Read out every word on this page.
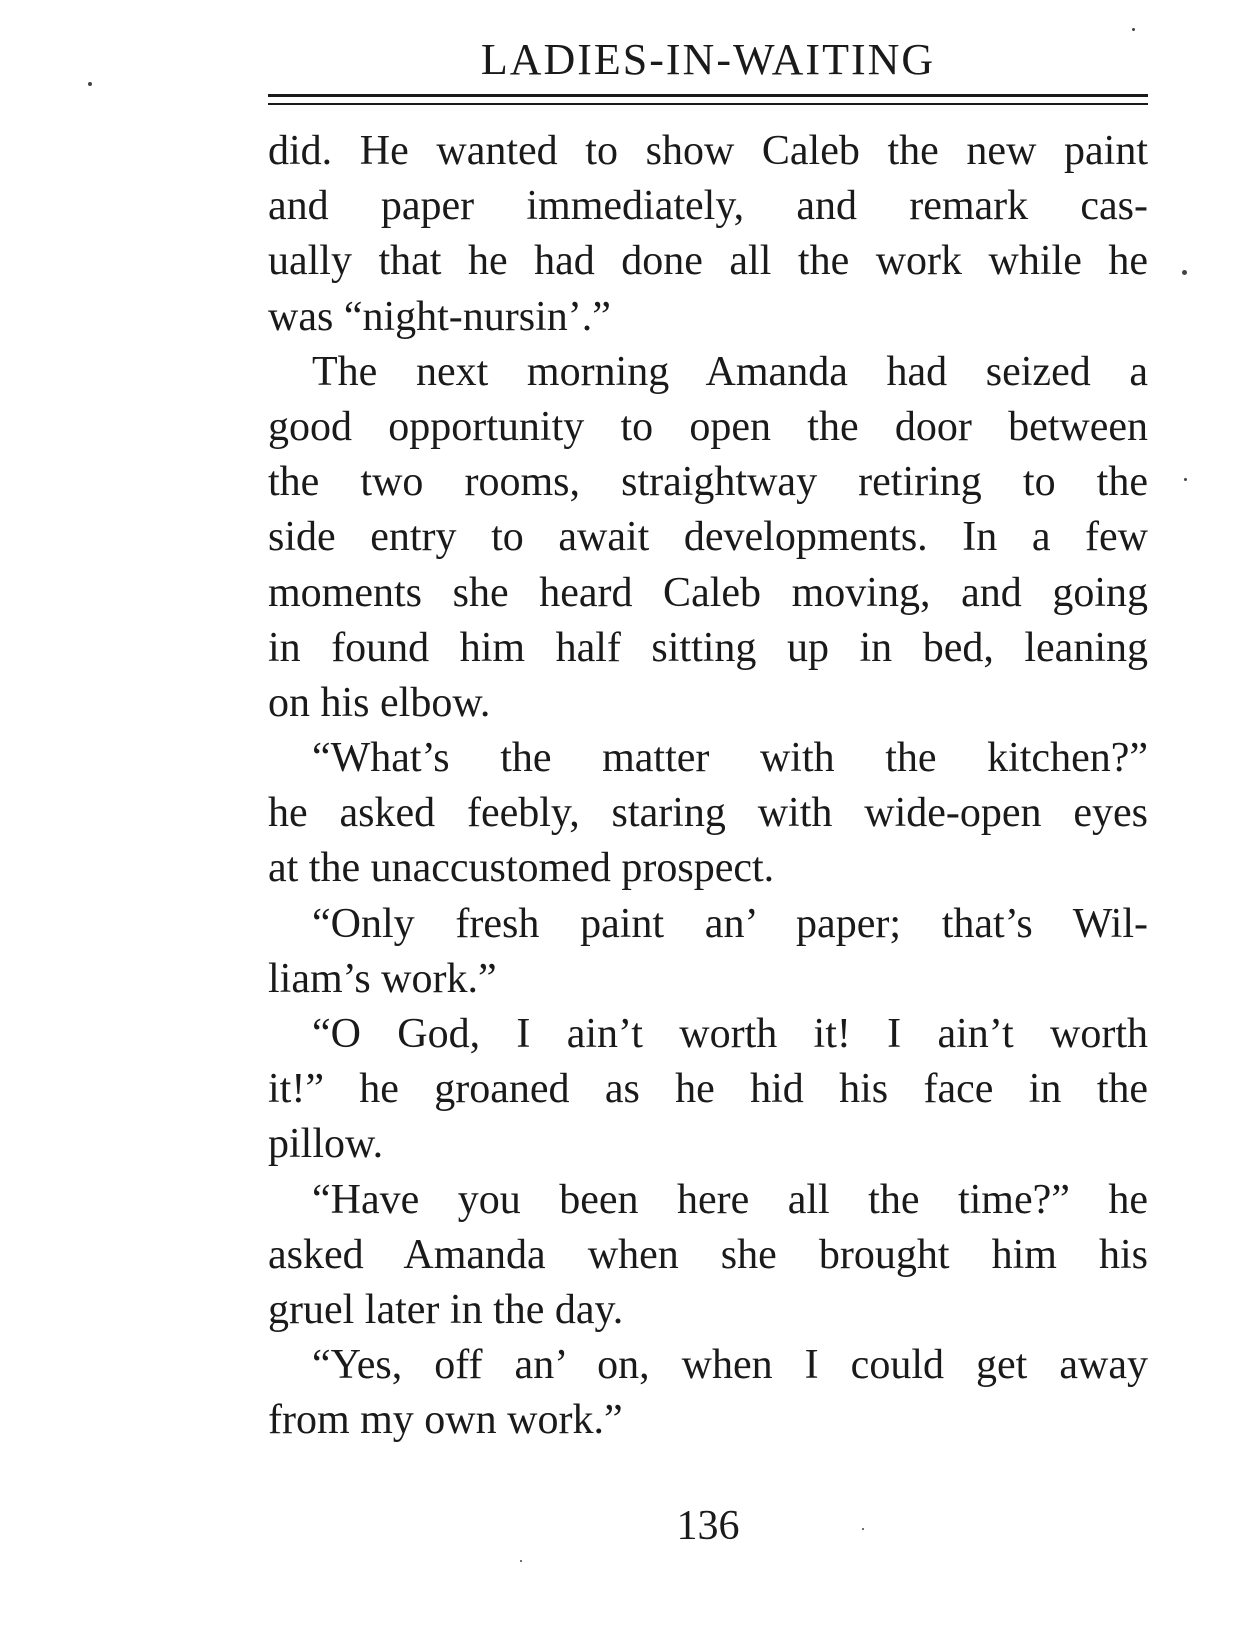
LADIES-IN-WAITING
did. He wanted to show Caleb the new paint
and paper immediately, and remark cas-
ually that he had done all the work while he
was “night-nursin’.”
The next morning Amanda had seized a
good opportunity to open the door between
the two rooms, straightway retiring to the
side entry to await developments. In a few
moments she heard Caleb moving, and going
in found him half sitting up in bed, leaning
on his elbow.
“What’s the matter with the kitchen?”
he asked feebly, staring with wide-open eyes
at the unaccustomed prospect.
“Only fresh paint an’ paper; that’s Wil-
liam’s work.”
“O God, I ain’t worth it! I ain’t worth
it!” he groaned as he hid his face in the
pillow.
“Have you been here all the time?” he
asked Amanda when she brought him his
gruel later in the day.
“Yes, off an’ on, when I could get away
from my own work.”
136
